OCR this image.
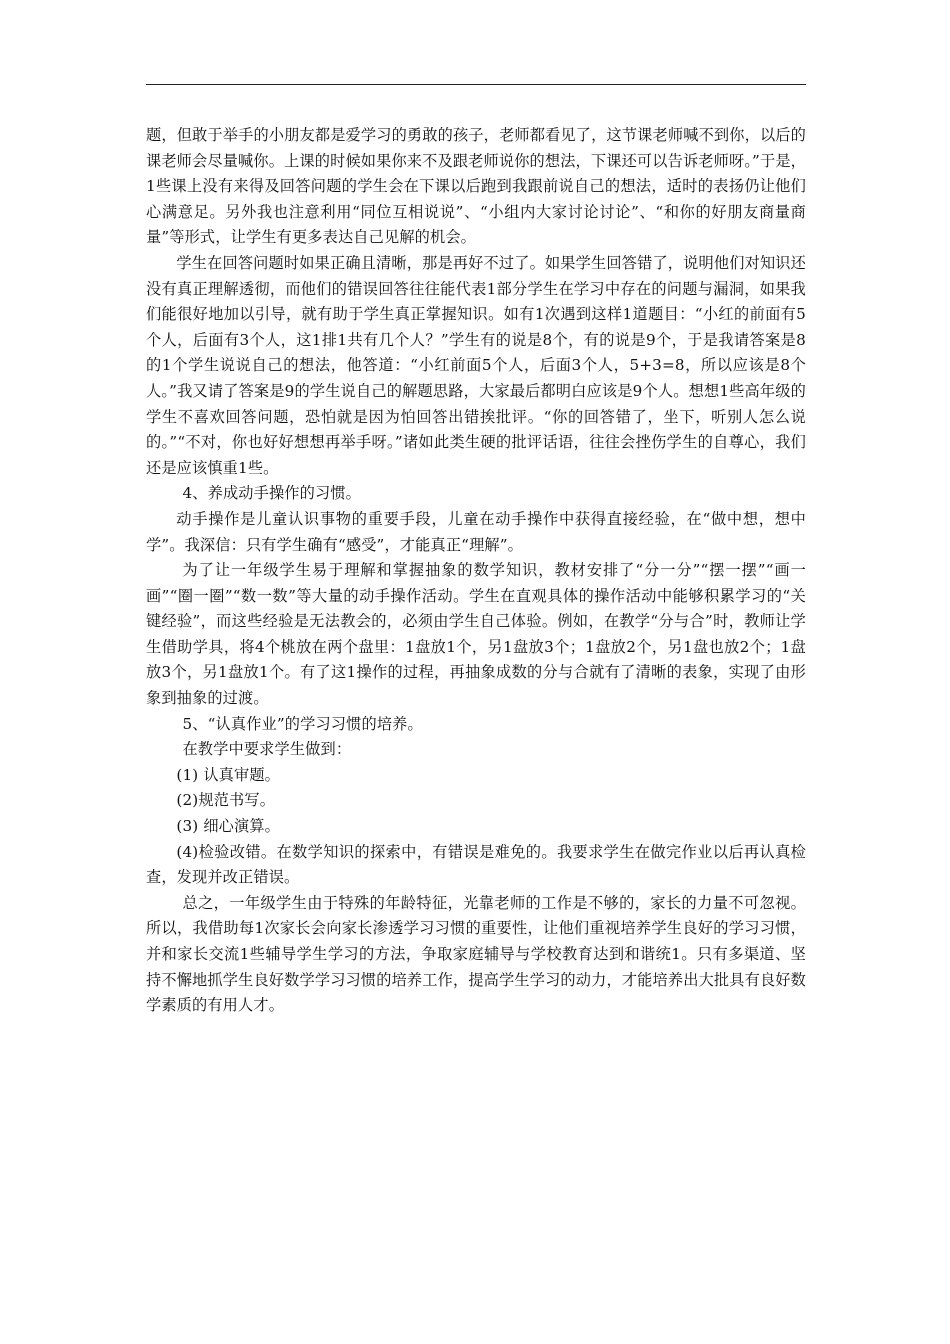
题，但敢于举手的小朋友都是爱学习的勇敢的孩子，老师都看见了，这节课老师喊不到你，以后的课老师会尽量喊你。上课的时候如果你来不及跟老师说你的想法，下课还可以告诉老师呀。”于是，1些课上没有来得及回答问题的学生会在下课以后跑到我跟前说自己的想法，适时的表扬仍让他们心满意足。另外我也注意利用“同位互相说说”、“小组内大家讨论讨论”、“和你的好朋友商量商量”等形式，让学生有更多表达自己见解的机会。

学生在回答问题时如果正确且清晰，那是再好不过了。如果学生回答错了，说明他们对知识还没有真正理解透彻，而他们的错误回答往往能代表1部分学生在学习中存在的问题与漏洞，如果我们能很好地加以引导，就有助于学生真正掌握知识。如有1次遇到这样1道题目：“小红的前面有5个人，后面有3个人，这1排1共有几个人？”学生有的说是8个，有的说是9个，于是我请答案是8的1个学生说说自己的想法，他答道：“小红前面5个人，后面3个人，5+3=8，所以应该是8个人。”我又请了答案是9的学生说自己的解题思路，大家最后都明白应该是9个人。想想1些高年级的学生不喜欢回答问题，恐怕就是因为怕回答出错挨批评。“你的回答错了，坐下，听别人怎么说的。”“不对，你也好好想想再举手呀。”诸如此类生硬的批评话语，往往会挫伤学生的自尊心，我们还是应该慎重1些。

4、养成动手操作的习惯。

动手操作是儿童认识事物的重要手段，儿童在动手操作中获得直接经验，在“做中想，想中学”。我深信：只有学生确有“感受”，才能真正“理解”。

为了让一年级学生易于理解和掌握抽象的数学知识，教材安排了“分一分”“摆一摆”“画一画”“圈一圈”“数一数”等大量的动手操作活动。学生在直观具体的操作活动中能够积累学习的“关键经验”，而这些经验是无法教会的，必须由学生自己体验。例如，在教学“分与合”时，教师让学生借助学具，将4个桃放在两个盘里：1盘放1个，另1盘放3个；1盘放2个，另1盘也放2个；1盘放3个，另1盘放1个。有了这1操作的过程，再抽象成数的分与合就有了清晰的表象，实现了由形象到抽象的过渡。

5、“认真作业”的学习习惯的培养。

在教学中要求学生做到：

(1) 认真审题。

(2)规范书写。

(3) 细心演算。

(4)检验改错。在数学知识的探索中，有错误是难免的。我要求学生在做完作业以后再认真检查，发现并改正错误。

总之，一年级学生由于特殊的年龄特征，光靠老师的工作是不够的，家长的力量不可忽视。所以，我借助每1次家长会向家长渗透学习习惯的重要性，让他们重视培养学生良好的学习习惯，并和家长交流1些辅导学生学习的方法，争取家庭辅导与学校教育达到和谐统1。只有多渠道、坚持不懈地抓学生良好数学学习习惯的培养工作，提高学生学习的动力，才能培养出大批具有良好数学素质的有用人才。
